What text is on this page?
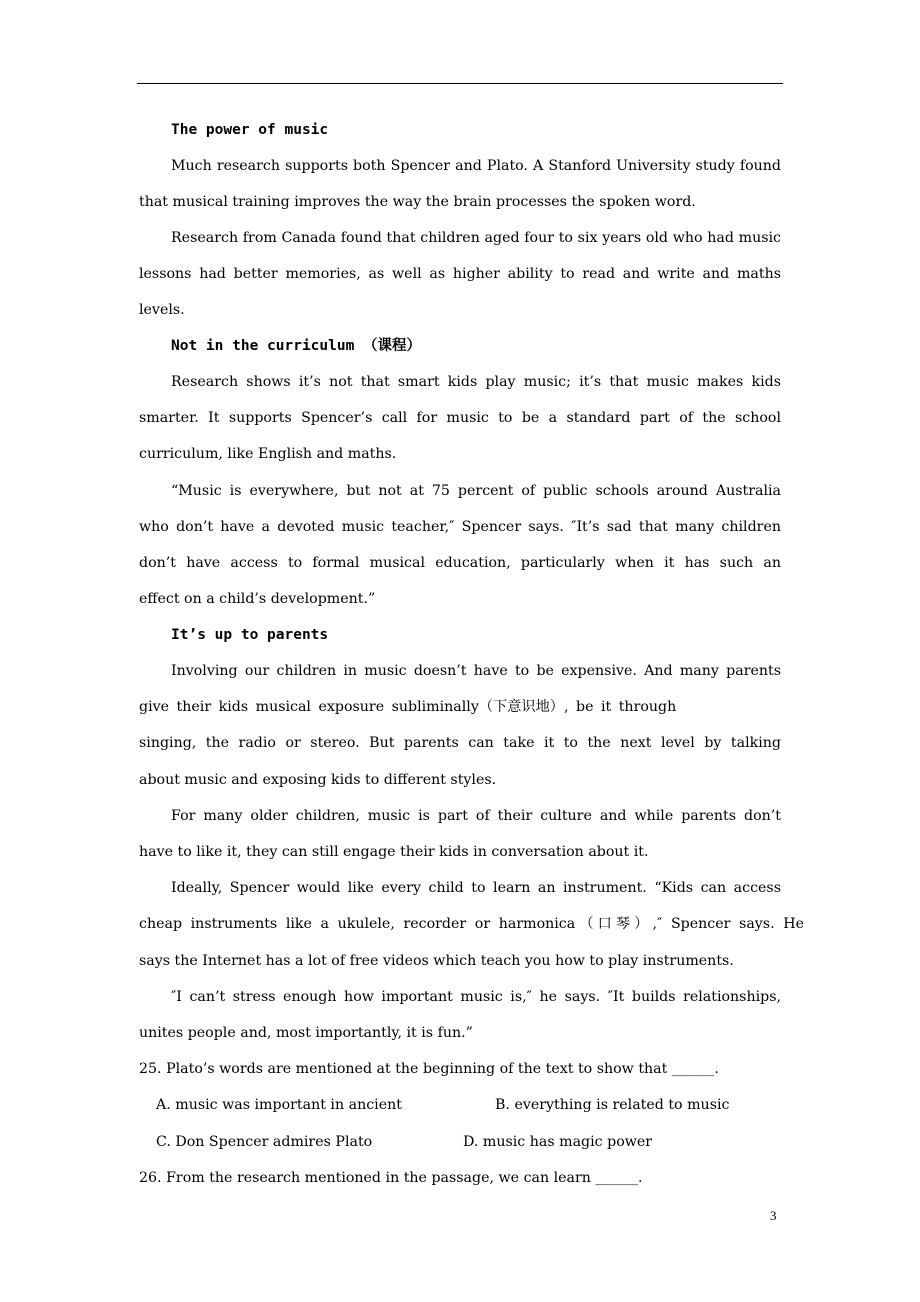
The power of music
Much research supports both Spencer and Plato. A Stanford University study found
that musical training improves the way the brain processes the spoken word.
Research from Canada found that children aged four to six years old who had music
lessons had better memories, as well as higher ability to read and write and maths
levels.
Not in the curriculum （课程）
Research shows it’s not that smart kids play music; it’s that music makes kids
smarter. It supports Spencer’s call for music to be a standard part of the school
curriculum, like English and maths.
“Music is everywhere, but not at 75 percent of public schools around Australia
who don’t have a devoted music teacher,″ Spencer says. ″It’s sad that many children
don’t have access to formal musical education, particularly when it has such an
effect on a child’s development.”
It’s up to parents
Involving our children in music doesn’t have to be expensive. And many parents
give their kids musical exposure subliminally（下意识地）, be it through
singing, the radio or stereo. But parents can take it to the next level by talking
about music and exposing kids to different styles.
For many older children, music is part of their culture and while parents don’t
have to like it, they can still engage their kids in conversation about it.
Ideally, Spencer would like every child to learn an instrument. “Kids can access
cheap instruments like a ukulele, recorder or harmonica（口琴）,″ Spencer says. He
says the Internet has a lot of free videos which teach you how to play instruments.
″I can’t stress enough how important music is,″ he says. ″It builds relationships,
unites people and, most importantly, it is fun.”
25. Plato’s words are mentioned at the beginning of the text to show that ______.
A. music was important in ancient	B. everything is related to music
C. Don Spencer admires Plato	D. music has magic power
26. From the research mentioned in the passage, we can learn ______.
3
